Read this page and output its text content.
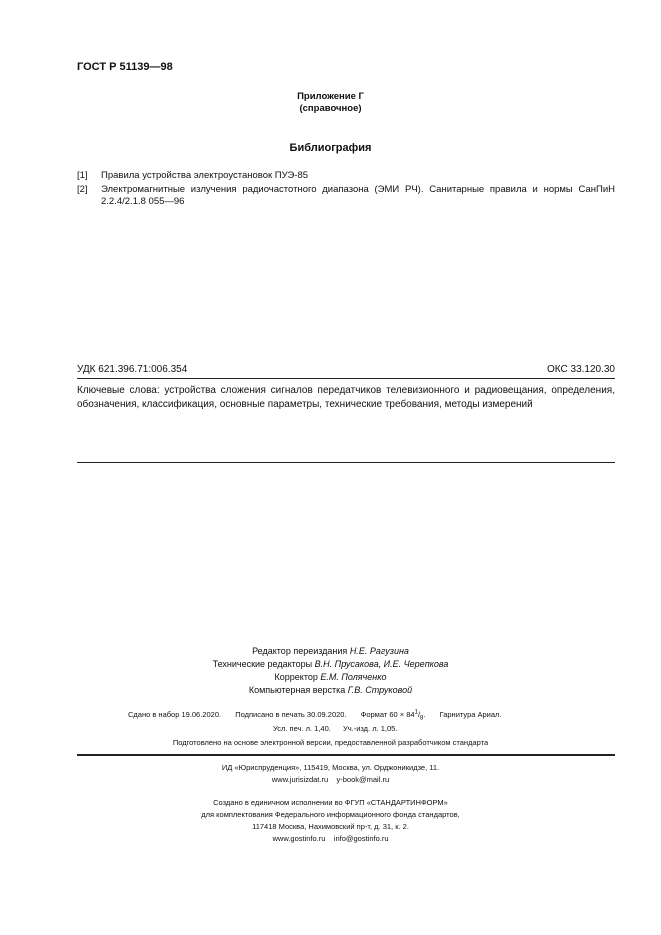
ГОСТ Р 51139—98
Приложение Г
(справочное)
Библиография
[1] Правила устройства электроустановок ПУЭ-85
[2] Электромагнитные излучения радиочастотного диапазона (ЭМИ РЧ). Санитарные правила и нормы СанПиН 2.2.4/2.1.8 055—96
УДК 621.396.71:006.354	ОКС 33.120.30
Ключевые слова: устройства сложения сигналов передатчиков телевизионного и радиовещания, определения, обозначения, классификация, основные параметры, технические требования, методы измерений
Редактор переиздания Н.Е. Рагузина
Технические редакторы В.Н. Прусакова, И.Е. Черепкова
Корректор Е.М. Поляченко
Компьютерная верстка Г.В. Струковой
Сдано в набор 19.06.2020. Подписано в печать 30.09.2020. Формат $60 \times 84^1/_8$. Гарнитура Ариал.
Усл. печ. л. 1,40. Уч.-изд. л. 1,05.
Подготовлено на основе электронной версии, предоставленной разработчиком стандарта
ИД «Юриспруденция», 115419, Москва, ул. Орджоникидзе, 11.
www.jurisizdat.ru y-book@mail.ru
Создано в единичном исполнении во ФГУП «СТАНДАРТИНФОРМ»
для комплектования Федерального информационного фонда стандартов,
117418 Москва, Нахимовский пр-т, д. 31, к. 2.
www.gostinfo.ru info@gostinfo.ru
